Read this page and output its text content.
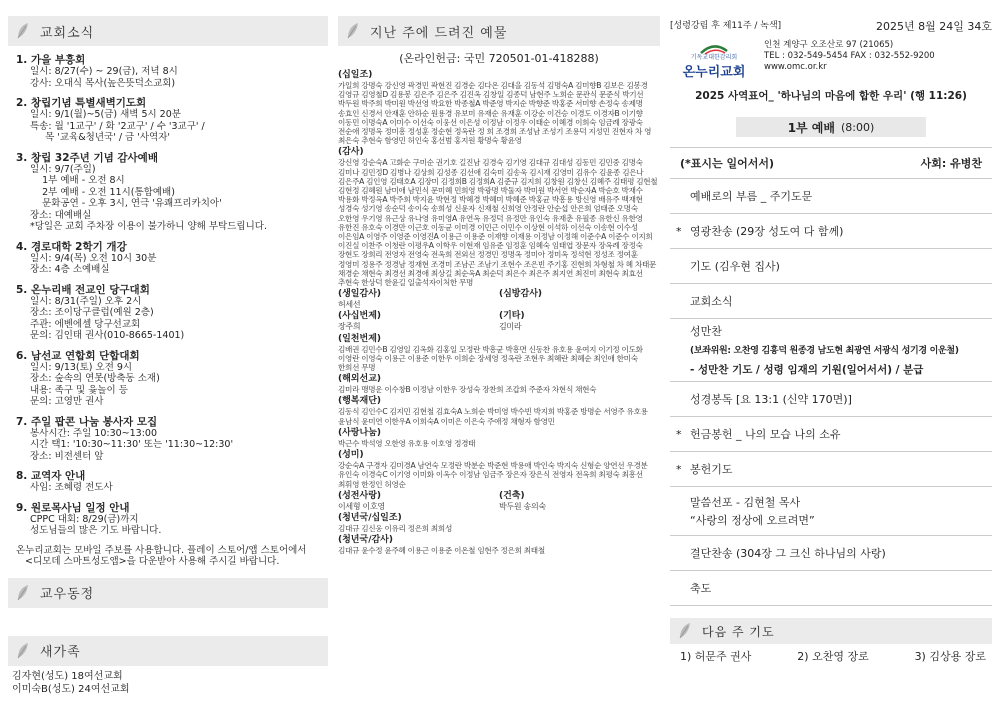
교회소식
1. 가을 부흥회
일시: 8/27(수) ~ 29(금), 저녁 8시
강사: 오대식 목사(높은뜻덕소교회)
2. 창립기념 특별새벽기도회
일시: 9/1(월)~5(금) 새벽 5시 20분
특송: 월 '1교구' / 화 '2교구' / 수 '3교구' /
목 '교육&청년국' / 금 '사역자'
3. 창립 32주년 기념 감사예배
일시: 9/7(주일)
1부 예배 - 오전 8시
2부 예배 - 오전 11시(통합예배)
문화공연 - 오후 3시, 연극 '유쾌프리카치아'
장소: 대예배실
*당일은 교회 주차장 이용이 불가하니 양해 부탁드립니다.
4. 경로대학 2학기 개강
일시: 9/4(목) 오전 10시 30분
장소: 4층 소예배실
5. 온누리배 전교인 당구대회
일시: 8/31(주일) 오후 2시
장소: 조이당구클럽(예원 2층)
주관: 에벤에셀 당구선교회
문의: 김인태 권사(010-8665-1401)
6. 남선교 연합회 단합대회
일시: 9/13(토) 오전 9시
장소: 숲속의 연못(방축동 소재)
내용: 족구 및 윷놀이 등
문의: 고영만 권사
7. 주일 팝콘 나눔 봉사자 모집
봉사시간: 주일 10:30~13:00
시간 택1: '10:30~11:30' 또는 '11:30~12:30'
장소: 비전센터 앞
8. 교역자 안내
사임: 조혜령 전도사
9. 원로목사님 일정 안내
CPPC 대회: 8/29(금)까지
성도님들의 많은 기도 바랍니다.
온누리교회는 모바일 주보를 사용합니다. 플레이 스토어/앱 스토어에서
<디모데 스마트성도앱>을 다운받아 사용해 주시길 바랍니다.
교우동정
새가족
김자현(성도) 18여선교회
이미숙B(성도) 24여선교회
지난 주에 드려진 예물
(온라인헌금: 국민 720501-01-418288)
(십일조)
가일희 강명숙 강신영 곽경민 곽현진 김경순 김다온 김대을 김동석 김명숙A 김미향B 김보은 김봉경 김영규 김영철D 김용봉 김은주 김은주 김진옥 김창일 김종덕 남현주 노희순 문관식 문준식 박기선 박두원 박주희 박미원 박선영 박요한 박종철A 박준영 박지순 박향준 박홍준 서미향 손정숙 송제명 송효인 신경서 안재훈 안하순 원용경 유보미 유재순 유재훈 이강순 이건승 이경도 이경자B 이기향 이동민 이명숙A 이미수 이선숙 이웅선 이은성 이정남 이정우 이태순 이혜경 이희숙 임금례 장광숙 전순애 정명옥 정미흥 정성훈 정순현 정옥란 정 희 조경희 조성남 조성기 조용덕 지성민 진현자 차 영 최은숙 추현숙 함영민 허인숙 홍선범 홍지원 황명숙 황윤영
(감사)
강신영 강순숙A 고화순 구미순 권기호 길진남 김경숙 김기영 김대규 김대성 김동민 김민중 김명숙 김미나 김민정D 김병나 김상희 김성종 김선애 김숙미 김송욱 김시재 김영미 김유수 김윤종 김은나 김은주A 김인영 김태호A 김장미 김정희B 김정희A 김준규 김지희 김창원 김창신 김혜주 김태평 김현철 김현정 김혜원 남미애 남민식 문미혜 민희영 박광명 박둘자 박미원 박서연 박순자A 박순호 박재수 박용화 박정옥A 박주희 박지윤 박현정 박혜경 박혜미 박혜준 박홍균 박흥용 방신영 배유주 백재현 성경숙 성기영 송순덕 송이숙 송희성 신윤자 신재철 신희영 안정란 안순섭 안은희 엄태준 오명숙 오한영 우기영 유근상 유나영 유미영A 유연옥 유정덕 유정만 유인숙 유재춘 유필종 유한신 유한영 유한진 유호숙 이경만 이근호 이동균 이미경 이민근 이민수 이상현 이석하 이선숙 이송현 이수성 이은임A 이영주 이영준 이영진A 이용근 이용준 이재향 이재용 이정남 이정해 이준수A 이준수 이지희 이진실 이찬주 이청란 이평우A 이학우 이현재 임유준 임정훈 임혜숙 임태엽 장문자 장옥례 장정숙 장현도 장희리 전영자 전영숙 전옥희 전외선 정경민 정명옥 정미아 정미옥 정석현 정성조 정여훈 정영미 정용주 정경남 정재현 조경미 조남곤 조남기 조현수 조은빈 주기홍 진현희 차형철 차 혜 차태문 채경순 채현숙 최경선 최경애 최상길 최순옥A 최순덕 최은수 최은주 최지연 최진미 최현숙 최효선 추현숙 한상덕 한윤길 일출석자이처한 무명
(생일감사)
허세선
(심방감사)
(사십번제)
장주희
(기타)
김미라
(일천번제)
김배권 김민수B 김영일 김옥화 김홍일 모정란 박흥균 박흥면 신동찬 유호용 윤여지 이기정 이도화 이영란 이영숙 이용근 이용준 이한우 이희순 장세영 정옥란 조현우 최혜란 최혜순 최인애 한미숙 한희선 무명
(해외선교)
김미라 맹명운 이수창B 이정남 이한우 장성숙 장찬희 조갑희 주준자 차현식 채현숙
(행복재단)
김동식 김인수C 김지민 김현철 김효숙A 노희순 박미영 박수빈 박지희 박홍준 방명순 서영주 유호용 윤남식 윤미연 이한우A 이희숙A 이미은 이은숙 주애정 채형자 함영민
(사랑나눔)
박근수 박석영 오한영 유호용 이호영 정경태
(성미)
강순숙A 구경자 김미경A 남연숙 모정란 박분순 박준현 박용애 박인숙 박지숙 신형순 양연선 우경분 유인숙 이경숙C 이기영 이미화 이옥수 이정남 임금주 장은자 장은식 전영자 전옥희 최평숙 최흥선 최휘영 한정인 허영순
(성전사랑)
이세형 이호영
(건축)
박두원 송의숙
(청년국/십일조)
김대규 김신웅 이유리 정은희 최희성
(청년국/감사)
김대규 윤수정 윤주혜 이용근 이용준 이온철 임현주 정은희 최태철
[성령강림 후 제11주 / 녹색]	2025년 8월 24일 34호
기독교대한감리회
온누리교회
인천 계양구 오조산로 97 (21065)
TEL : 032-549-5454 FAX : 032-552-9200
www.omc.or.kr
2025 사역표어_ '하나님의 마음에 합한 우리' (행 11:26)
1부 예배 (8:00)
(*표시는 일어서서)	사회: 유병찬
예배로의 부름 _ 주기도문
* 영광찬송 (29장 성도여 다 함께)
기도 (김우현 집사)
교회소식
성만찬
(보좌위원: 오찬영 김흥덕 원종경 남도현 최광연 서광식 성기경 이운철)
- 성만찬 기도 / 성령 임재의 기원(일어서서) / 분급
성경봉독 [요 13:1 (신약 170면)]
* 헌금봉헌 _ 나의 모습 나의 소유
* 봉헌기도
말씀선포 - 김현철 목사
“사랑의 정상에 오르려면”
결단찬송 (304장 그 크신 하나님의 사랑)
축도
다음 주 기도
1) 허문주 권사	2) 오찬영 장로	3) 김상용 장로
